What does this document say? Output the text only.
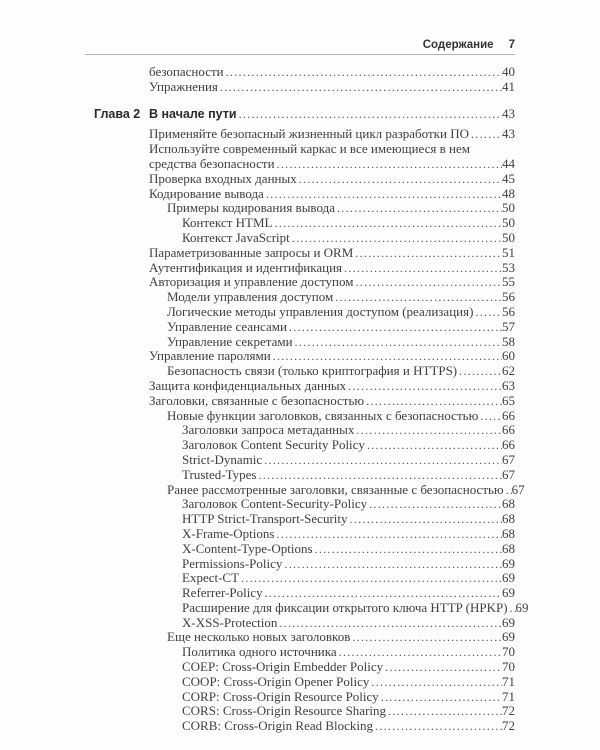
Содержание 7
безопасности .....	40
Упражнения .....	41
Глава 2 В начале пути .....	43
Применяйте безопасный жизненный цикл разработки ПО .....	43
Используйте современный каркас и все имеющиеся в нем
средства безопасности .....	44
Проверка входных данных .....	45
Кодирование вывода .....	48
Примеры кодирования вывода .....	50
Контекст HTML .....	50
Контекст JavaScript .....	50
Параметризованные запросы и ORM .....	51
Аутентификация и идентификация .....	53
Авторизация и управление доступом .....	55
Модели управления доступом .....	56
Логические методы управления доступом (реализация) ..... 56
Управление сеансами .....	57
Управление секретами .....	58
Управление паролями .....	60
Безопасность связи (только криптография и HTTPS) .....	62
Защита конфиденциальных данных .....	63
Заголовки, связанные с безопасностью .....	65
Новые функции заголовков, связанных с безопасностью ..... 66
Заголовки запроса метаданных .....	66
Заголовок Content Security Policy .....	66
Strict-Dynamic .....	67
Trusted-Types .....	67
Ранее рассмотренные заголовки, связанные с безопасностью ..... 67
Заголовок Content-Security-Policy .....	68
HTTP Strict-Transport-Security .....	68
X-Frame-Options .....	68
X-Content-Type-Options .....	68
Permissions-Policy .....	69
Expect-CT .....	69
Referrer-Policy .....	69
Расширение для фиксации открытого ключа HTTP (HPKP) ..... 69
X-XSS-Protection .....	69
Еще несколько новых заголовков .....	69
Политика одного источника .....	70
COEP: Cross-Origin Embedder Policy .....	70
COOP: Cross-Origin Opener Policy .....	71
CORP: Cross-Origin Resource Policy .....	71
CORS: Cross-Origin Resource Sharing .....	72
CORB: Cross-Origin Read Blocking .....	72
